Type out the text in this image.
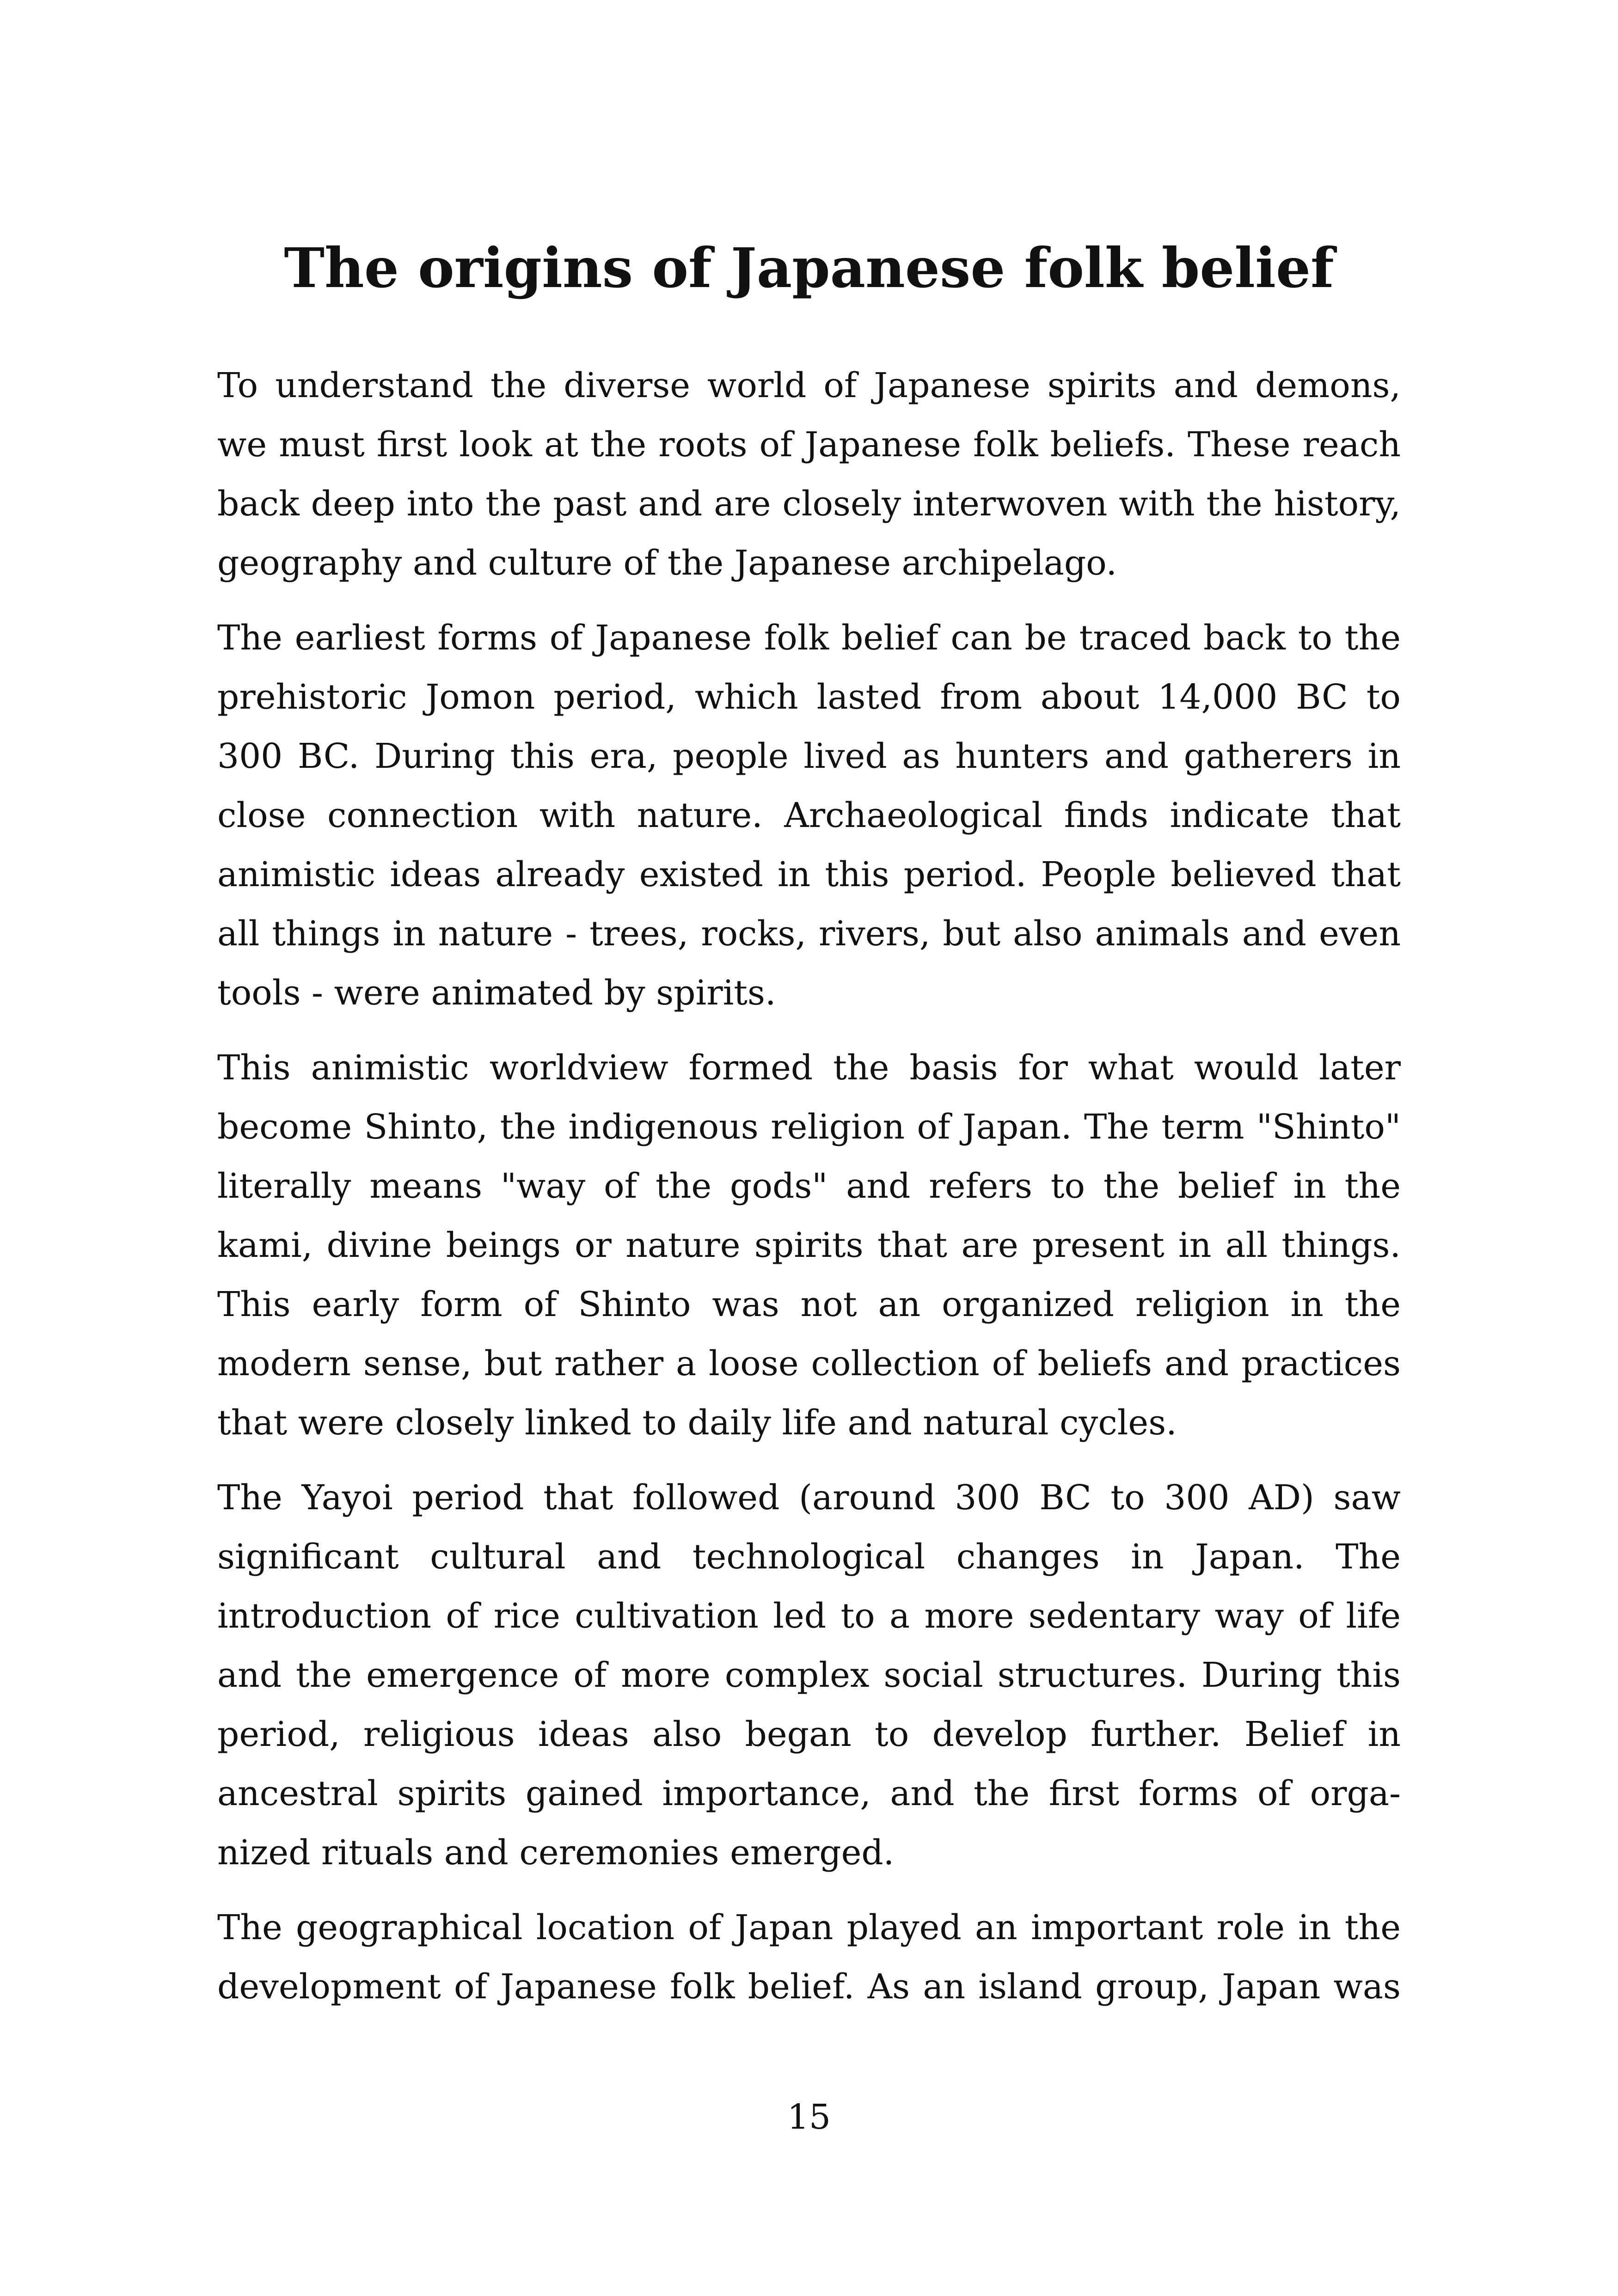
The origins of Japanese folk belief

To understand the diverse world of Japanese spirits and demons, we must first look at the roots of Japanese folk beliefs. These reach back deep into the past and are closely interwoven with the history, geography and culture of the Japanese archipelago.

The earliest forms of Japanese folk belief can be traced back to the prehistoric Jomon period, which lasted from about 14,000 BC to 300 BC. During this era, people lived as hunters and gatherers in close connection with nature. Archaeological finds indicate that animistic ideas already existed in this period. People believed that all things in nature - trees, rocks, rivers, but also animals and even tools - were animated by spirits.

This animistic worldview formed the basis for what would later become Shinto, the indigenous religion of Japan. The term "Shinto" literally means "way of the gods" and refers to the belief in the kami, divine beings or nature spirits that are present in all things. This early form of Shinto was not an organized religion in the modern sense, but rather a loose collection of beliefs and practices that were closely linked to daily life and natural cycles.

The Yayoi period that followed (around 300 BC to 300 AD) saw significant cultural and technological changes in Japan. The introduction of rice cultivation led to a more sedentary way of life and the emergence of more complex social structures. During this period, religious ideas also began to develop further. Belief in ancestral spirits gained importance, and the first forms of organized rituals and ceremonies emerged.

The geographical location of Japan played an important role in the development of Japanese folk belief. As an island group, Japan was

15
